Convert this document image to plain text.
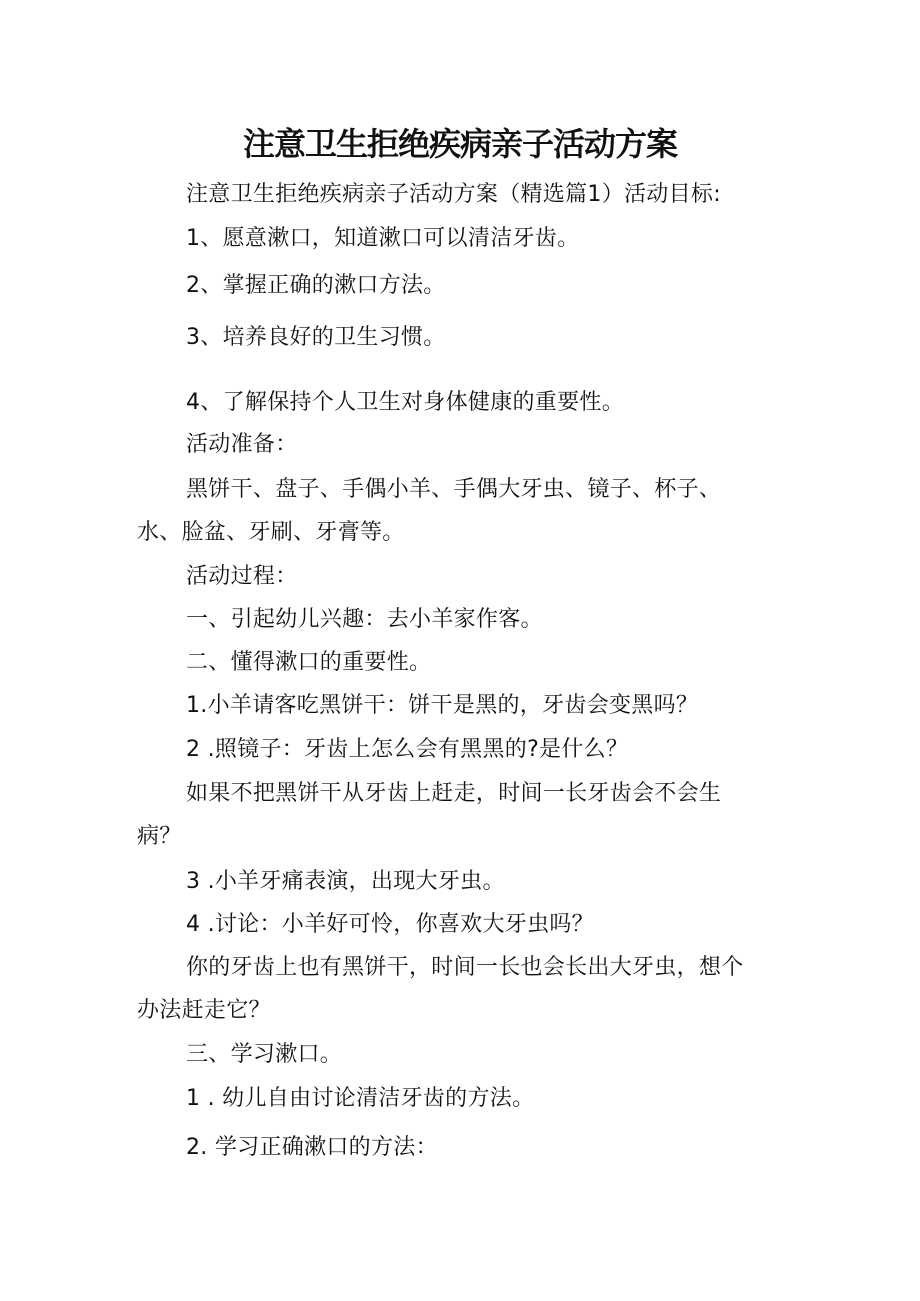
注意卫生拒绝疾病亲子活动方案
注意卫生拒绝疾病亲子活动方案（精选篇1）活动目标:
1、愿意漱口，知道漱口可以清洁牙齿。
2、掌握正确的漱口方法。
3、培养良好的卫生习惯。
4、了解保持个人卫生对身体健康的重要性。
活动准备：
黑饼干、盘子、手偶小羊、手偶大牙虫、镜子、杯子、
水、脸盆、牙刷、牙膏等。
活动过程：
一、引起幼儿兴趣：去小羊家作客。
二、懂得漱口的重要性。
1.小羊请客吃黑饼干：饼干是黑的，牙齿会变黑吗？
2 .照镜子：牙齿上怎么会有黑黑的?是什么？
如果不把黑饼干从牙齿上赶走，时间一长牙齿会不会生
病？
3 .小羊牙痛表演，出现大牙虫。
4 .讨论：小羊好可怜，你喜欢大牙虫吗？
你的牙齿上也有黑饼干，时间一长也会长出大牙虫，想个
办法赶走它？
三、学习漱口。
1 . 幼儿自由讨论清洁牙齿的方法。
2. 学习正确漱口的方法：
